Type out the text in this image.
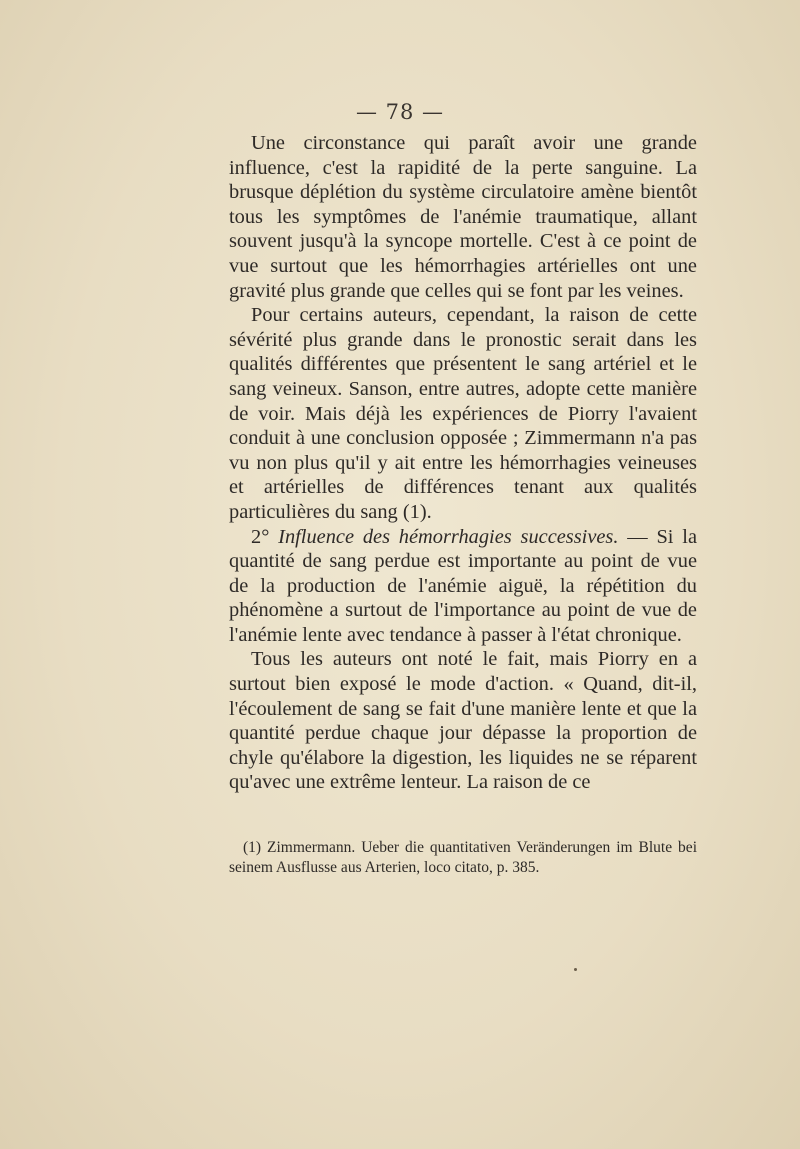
— 78 —

Une circonstance qui paraît avoir une grande influence, c'est la rapidité de la perte sanguine. La brusque déplétion du système circulatoire amène bientôt tous les symptômes de l'anémie traumatique, allant souvent jusqu'à la syncope mortelle. C'est à ce point de vue surtout que les hémorrhagies artérielles ont une gravité plus grande que celles qui se font par les veines.

Pour certains auteurs, cependant, la raison de cette sévérité plus grande dans le pronostic serait dans les qualités différentes que présentent le sang artériel et le sang veineux. Sanson, entre autres, adopte cette manière de voir. Mais déjà les expériences de Piorry l'avaient conduit à une conclusion opposée ; Zimmermann n'a pas vu non plus qu'il y ait entre les hémorrhagies veineuses et artérielles de différences tenant aux qualités particulières du sang (1).

2° Influence des hémorrhagies successives. — Si la quantité de sang perdue est importante au point de vue de la production de l'anémie aiguë, la répétition du phénomène a surtout de l'importance au point de vue de l'anémie lente avec tendance à passer à l'état chronique.

Tous les auteurs ont noté le fait, mais Piorry en a surtout bien exposé le mode d'action. « Quand, dit-il, l'écoulement de sang se fait d'une manière lente et que la quantité perdue chaque jour dépasse la proportion de chyle qu'élabore la digestion, les liquides ne se réparent qu'avec une extrême lenteur. La raison de ce

(1) Zimmermann. Ueber die quantitativen Veränderungen im Blute bei seinem Ausflusse aus Arterien, loco citato, p. 385.
